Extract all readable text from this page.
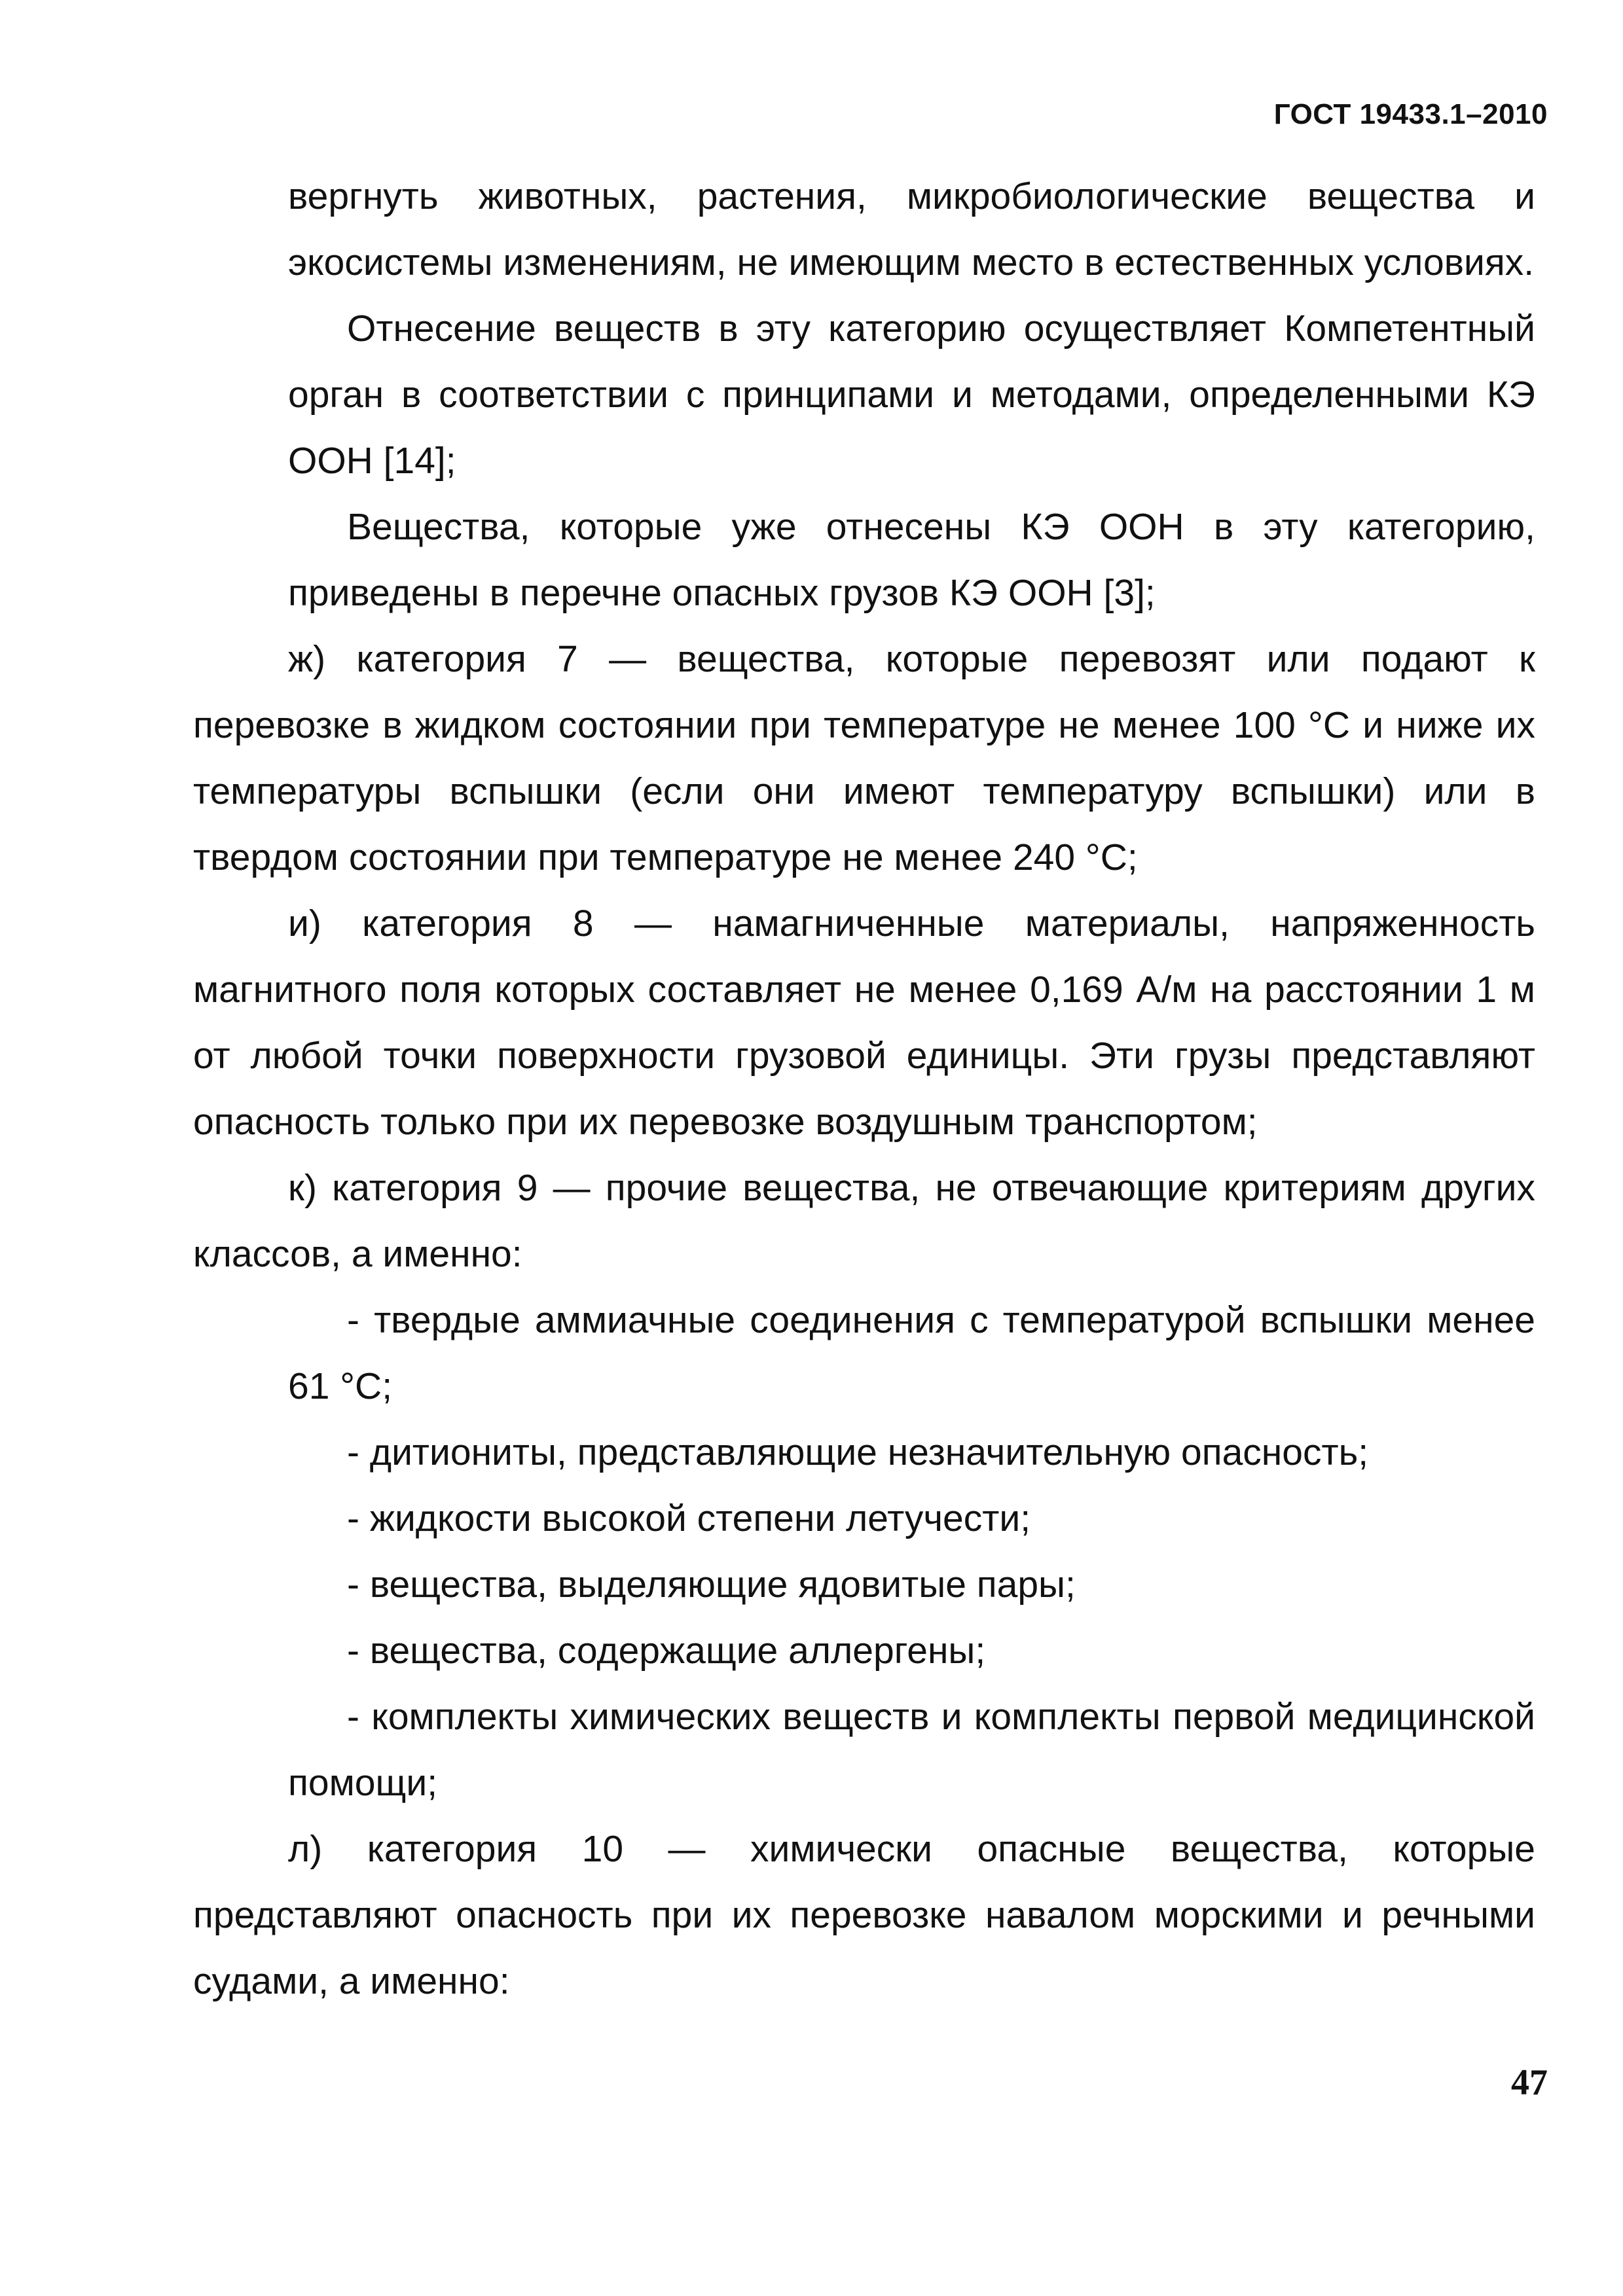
ГОСТ 19433.1–2010

вергнуть животных, растения, микробиологические вещества и экосистемы изменениям, не имеющим место в естественных условиях.

Отнесение веществ в эту категорию осуществляет Компетентный орган в соответствии с принципами и методами, определенными КЭ ООН [14];

Вещества, которые уже отнесены КЭ ООН в эту категорию, приведены в перечне опасных грузов КЭ ООН [3];

ж) категория 7 — вещества, которые перевозят или подают к перевозке в жидком состоянии при температуре не менее 100 °С и ниже их температуры вспышки (если они имеют температуру вспышки) или в твердом состоянии при температуре не менее 240 °С;

и) категория 8 — намагниченные материалы, напряженность магнитного поля которых составляет не менее 0,169 А/м на расстоянии 1 м от любой точки поверхности грузовой единицы. Эти грузы представляют опасность только при их перевозке воздушным транспортом;

к) категория 9 — прочие вещества, не отвечающие критериям других классов, а именно:

- твердые аммиачные соединения с температурой вспышки менее 61 °С;

- дитиониты, представляющие незначительную опасность;

- жидкости высокой степени летучести;

- вещества, выделяющие ядовитые пары;

- вещества, содержащие аллергены;

- комплекты химических веществ и комплекты первой медицинской помощи;

л) категория 10 — химически опасные вещества, которые представляют опасность при их перевозке навалом морскими и речными судами, а именно:

47
